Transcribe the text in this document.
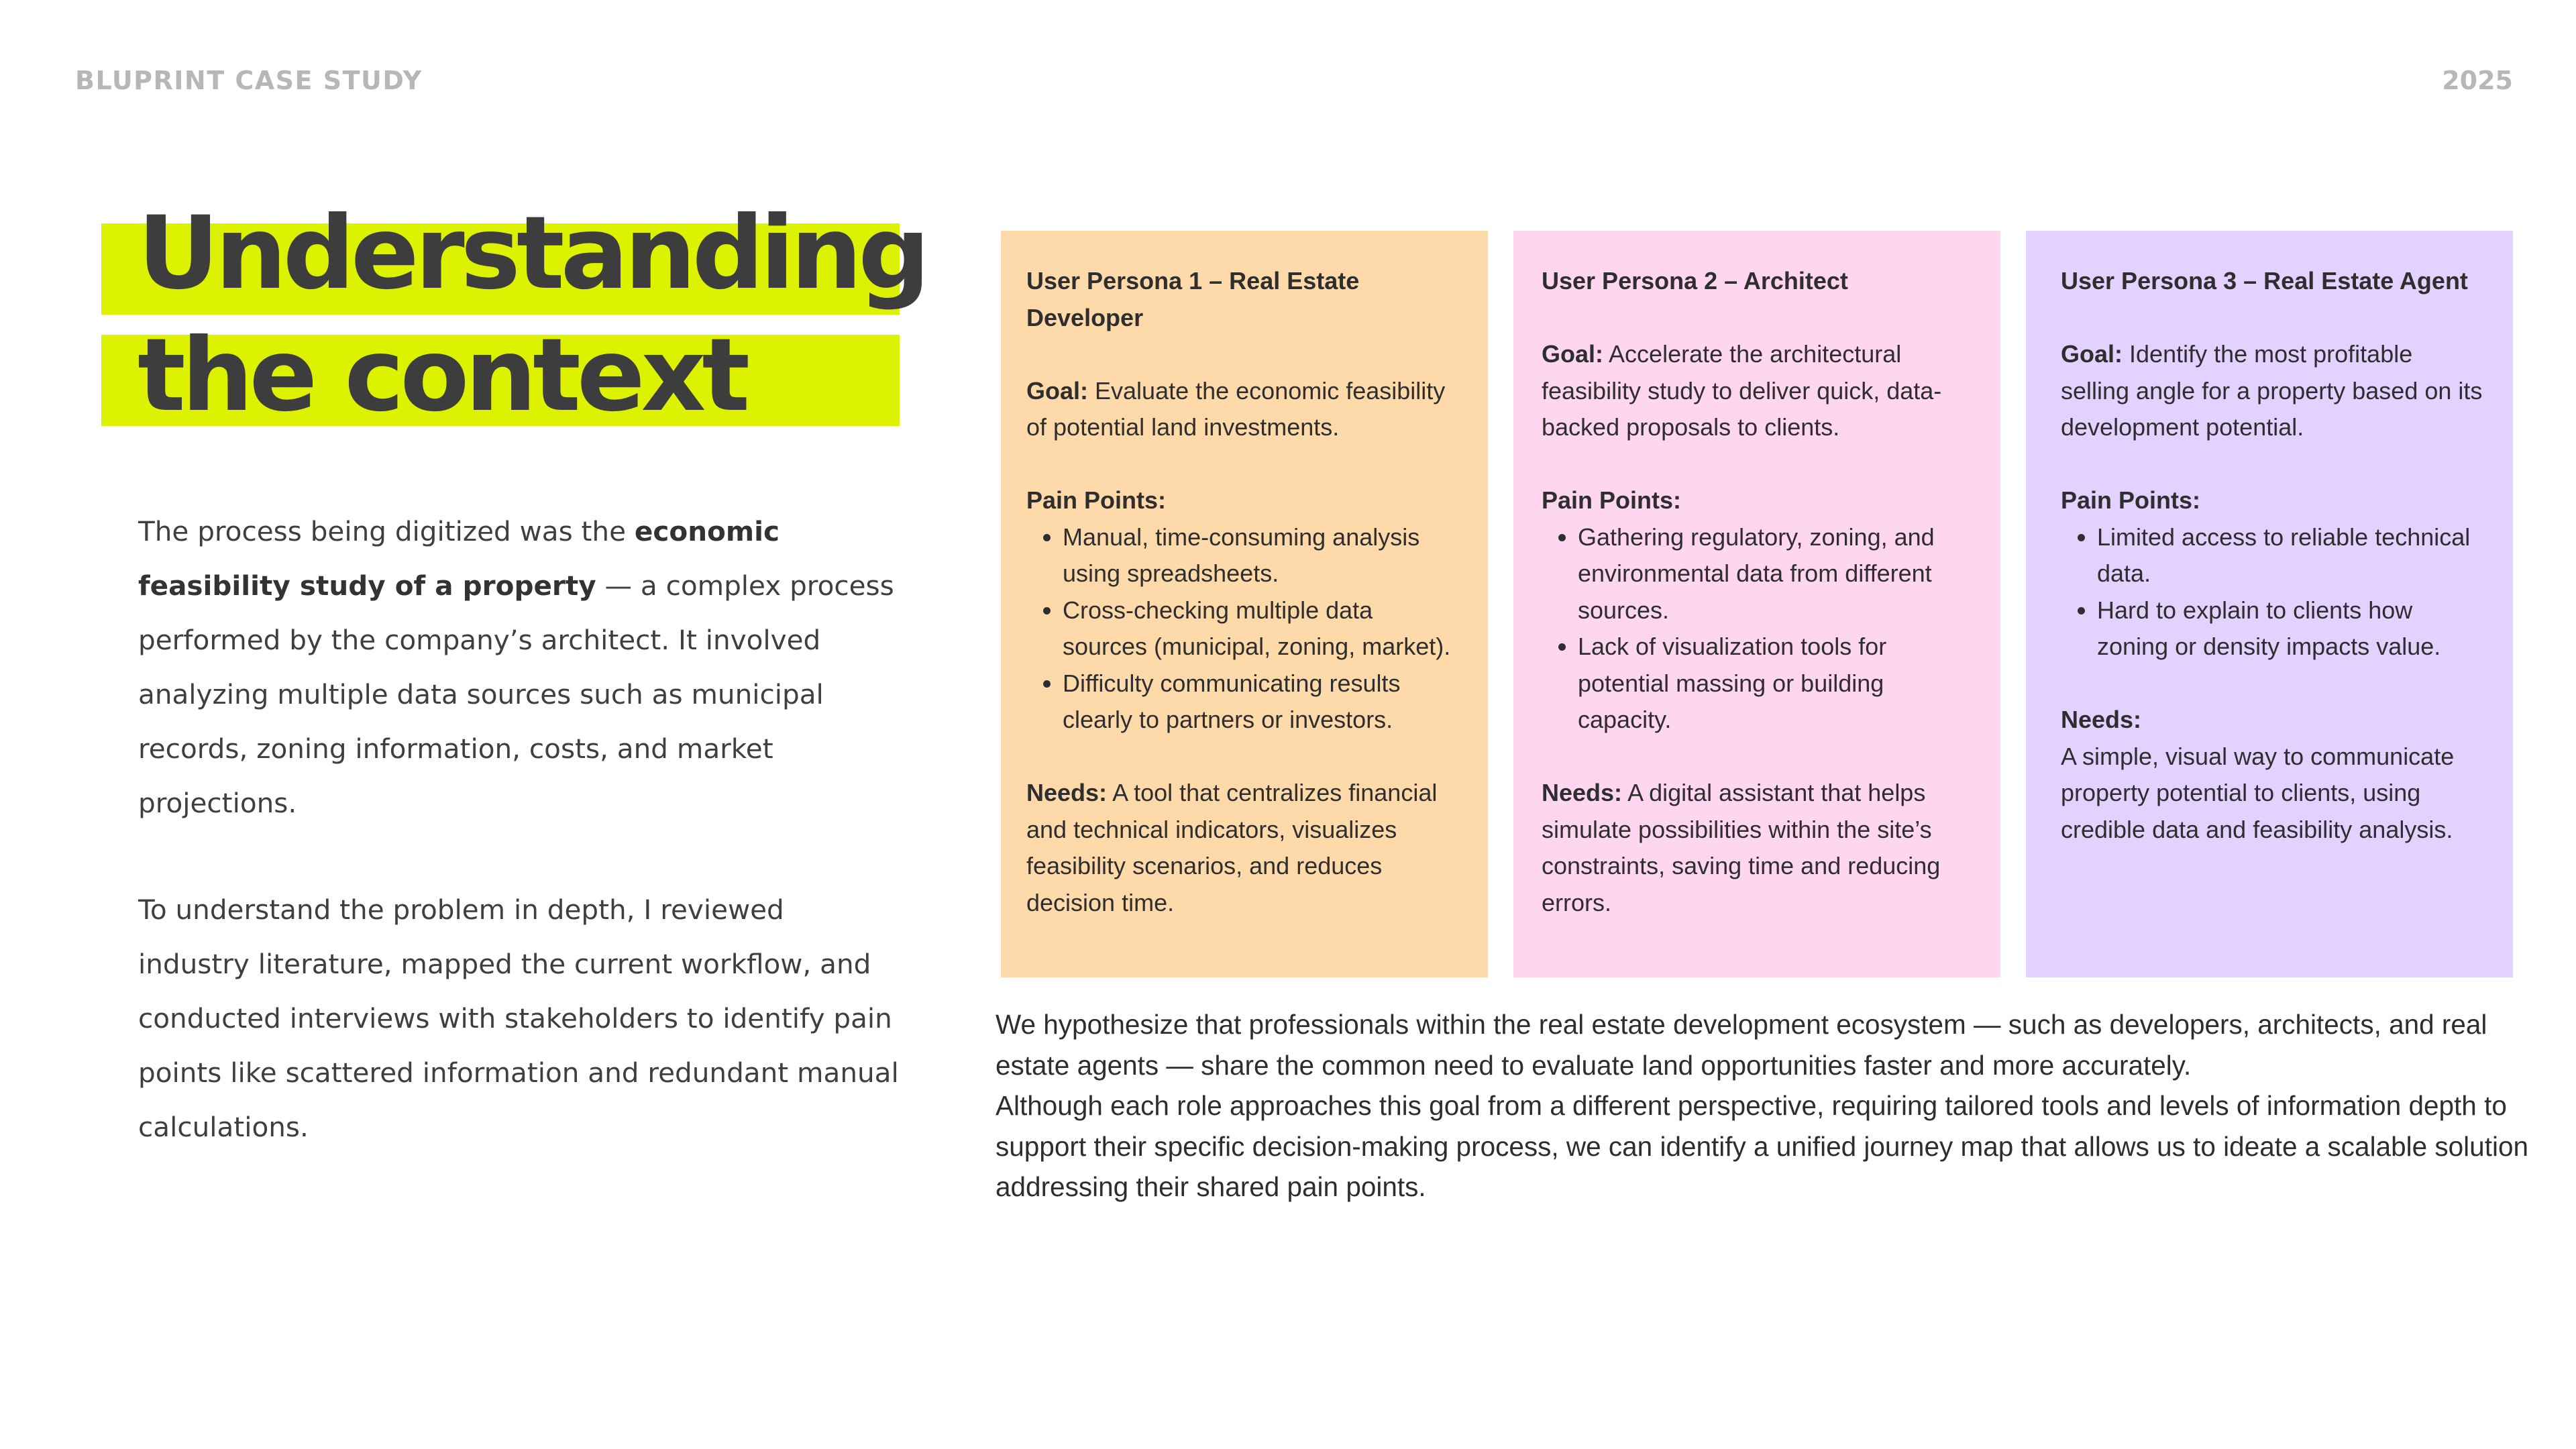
BLUPRINT CASE STUDY	2025
Understanding
the context

The process being digitized was the economic feasibility study of a property — a complex process performed by the company’s architect. It involved analyzing multiple data sources such as municipal records, zoning information, costs, and market projections.

To understand the problem in depth, I reviewed industry literature, mapped the current workflow, and conducted interviews with stakeholders to identify pain points like scattered information and redundant manual calculations.

User Persona 1 – Real Estate Developer

Goal: Evaluate the economic feasibility of potential land investments.

Pain Points:

• Manual, time-consuming analysis using spreadsheets.
• Cross-checking multiple data sources (municipal, zoning, market).
• Difficulty communicating results clearly to partners or investors.

Needs: A tool that centralizes financial and technical indicators, visualizes feasibility scenarios, and reduces decision time.

User Persona 2 – Architect

Goal: Accelerate the architectural feasibility study to deliver quick, data-backed proposals to clients.

Pain Points:

• Gathering regulatory, zoning, and environmental data from different sources.
• Lack of visualization tools for potential massing or building capacity.

Needs: A digital assistant that helps simulate possibilities within the site’s constraints, saving time and reducing errors.

User Persona 3 – Real Estate Agent

Goal: Identify the most profitable selling angle for a property based on its development potential.

Pain Points:

• Limited access to reliable technical data.
• Hard to explain to clients how zoning or density impacts value.

Needs:

A simple, visual way to communicate property potential to clients, using credible data and feasibility analysis.

We hypothesize that professionals within the real estate development ecosystem — such as developers, architects, and real estate agents — share the common need to evaluate land opportunities faster and more accurately.
Although each role approaches this goal from a different perspective, requiring tailored tools and levels of information depth to support their specific decision-making process, we can identify a unified journey map that allows us to ideate a scalable solution addressing their shared pain points.
